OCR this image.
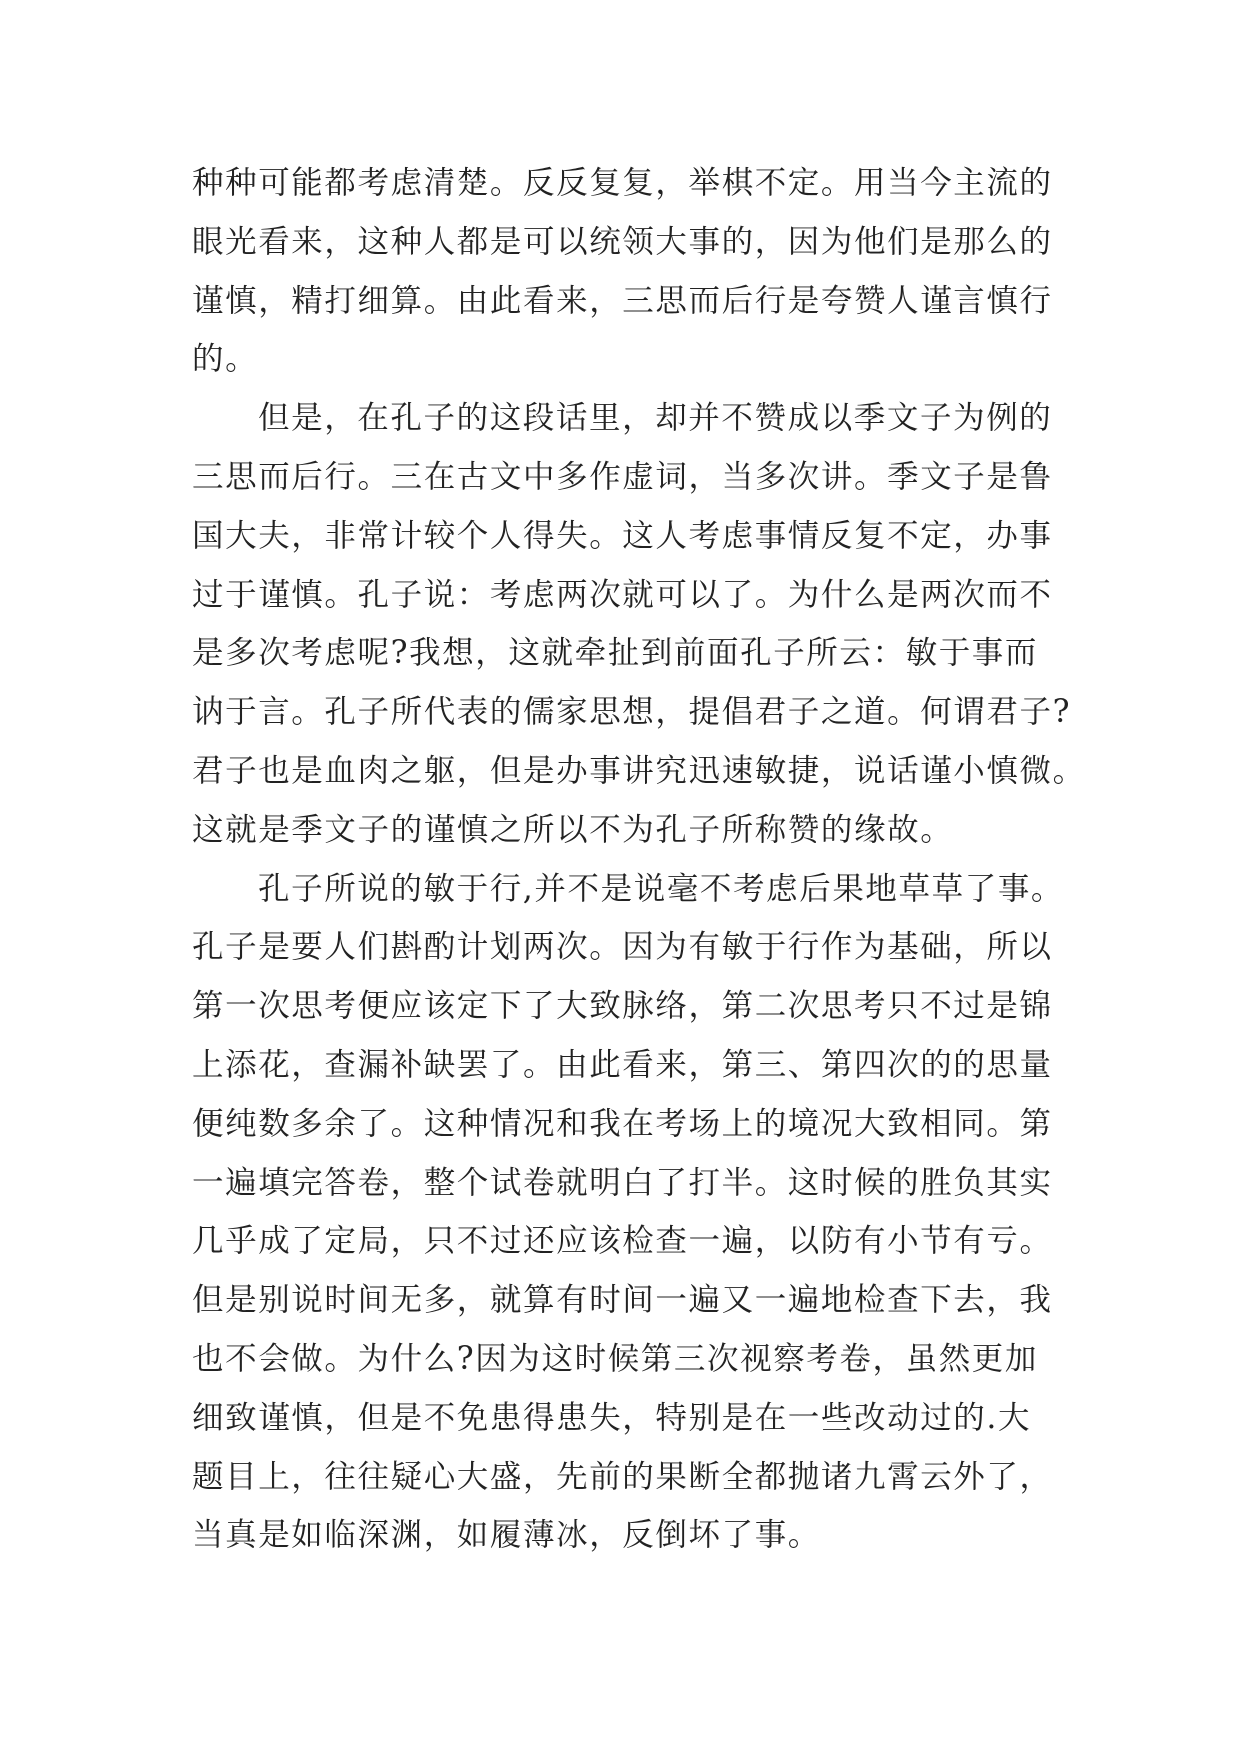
种种可能都考虑清楚。反反复复，举棋不定。用当今主流的
眼光看来，这种人都是可以统领大事的，因为他们是那么的
谨慎，精打细算。由此看来，三思而后行是夸赞人谨言慎行
的。
但是，在孔子的这段话里，却并不赞成以季文子为例的
三思而后行。三在古文中多作虚词，当多次讲。季文子是鲁
国大夫，非常计较个人得失。这人考虑事情反复不定，办事
过于谨慎。孔子说：考虑两次就可以了。为什么是两次而不
是多次考虑呢?我想，这就牵扯到前面孔子所云：敏于事而
讷于言。孔子所代表的儒家思想，提倡君子之道。何谓君子?
君子也是血肉之躯，但是办事讲究迅速敏捷，说话谨小慎微。
这就是季文子的谨慎之所以不为孔子所称赞的缘故。
孔子所说的敏于行,并不是说毫不考虑后果地草草了事。
孔子是要人们斟酌计划两次。因为有敏于行作为基础，所以
第一次思考便应该定下了大致脉络，第二次思考只不过是锦
上添花，查漏补缺罢了。由此看来，第三、第四次的的思量
便纯数多余了。这种情况和我在考场上的境况大致相同。第
一遍填完答卷，整个试卷就明白了打半。这时候的胜负其实
几乎成了定局，只不过还应该检查一遍，以防有小节有亏。
但是别说时间无多，就算有时间一遍又一遍地检查下去，我
也不会做。为什么?因为这时候第三次视察考卷，虽然更加
细致谨慎，但是不免患得患失，特别是在一些改动过的.大
题目上，往往疑心大盛，先前的果断全都抛诸九霄云外了，
当真是如临深渊，如履薄冰，反倒坏了事。
